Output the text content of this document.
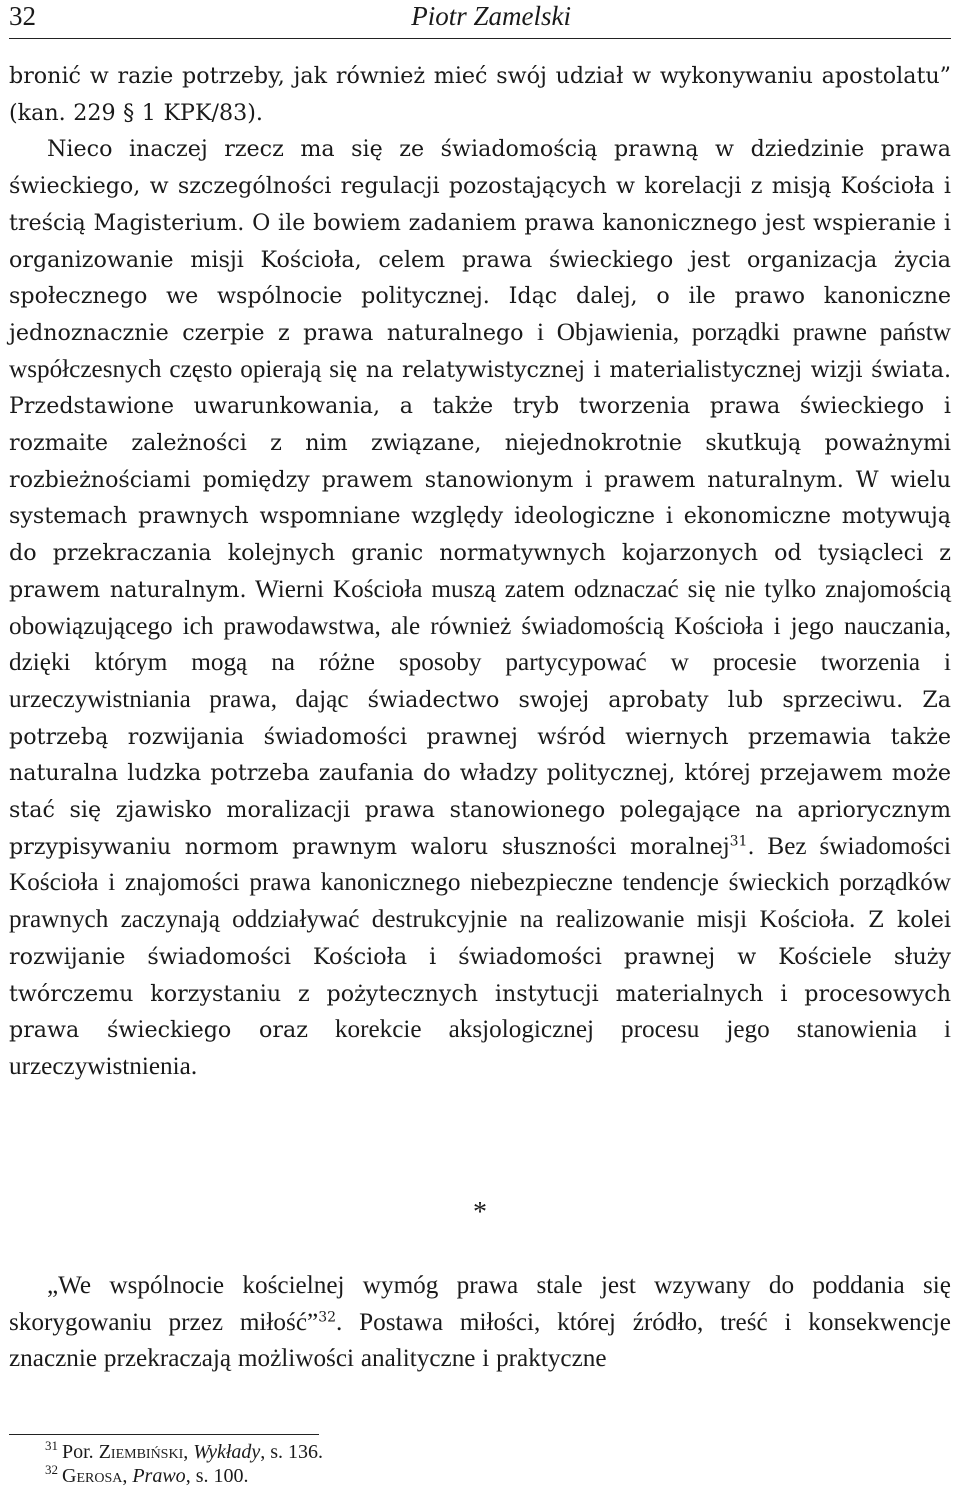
32	Piotr Zamelski

bronić w razie potrzeby, jak również mieć swój udział w wykonywaniu apostolatu” (kan. 229 § 1 KPK/83).

Nieco inaczej rzecz ma się ze świadomością prawną w dziedzinie prawa świeckiego, w szczególności regulacji pozostających w korelacji z misją Kościoła i treścią Magisterium. O ile bowiem zadaniem prawa kanonicznego jest wspieranie i organizowanie misji Kościoła, celem prawa świeckiego jest organizacja życia społecznego we wspólnocie politycznej. Idąc dalej, o ile prawo kanoniczne jednoznacznie czerpie z prawa naturalnego i Objawienia, porządki prawne państw współczesnych często opierają się na relatywistycznej i materialistycznej wizji świata. Przedstawione uwarunkowania, a także tryb tworzenia prawa świeckiego i rozmaite zależności z nim związane, niejednokrotnie skutkują poważnymi rozbieżnościami pomiędzy prawem stanowionym i prawem naturalnym. W wielu systemach prawnych wspomniane względy ideologiczne i ekonomiczne motywują do przekraczania kolejnych granic normatywnych kojarzonych od tysiącleci z prawem naturalnym. Wierni Kościoła muszą zatem odznaczać się nie tylko znajomością obowiązującego ich prawodawstwa, ale również świadomością Kościoła i jego nauczania, dzięki którym mogą na różne sposoby partycypować w procesie tworzenia i urzeczywistniania prawa, dając świadectwo swojej aprobaty lub sprzeciwu. Za potrzebą rozwijania świadomości prawnej wśród wiernych przemawia także naturalna ludzka potrzeba zaufania do władzy politycznej, której przejawem może stać się zjawisko moralizacji prawa stanowionego polegające na apriorycznym przypisywaniu normom prawnym waloru słuszności moralnej$^{31}$. Bez świadomości Kościoła i znajomości prawa kanonicznego niebezpieczne tendencje świeckich porządków prawnych zaczynają oddziaływać destrukcyjnie na realizowanie misji Kościoła. Z kolei rozwijanie świadomości Kościoła i świadomości prawnej w Kościele służy twórczemu korzystaniu z pożytecznych instytucji materialnych i procesowych prawa świeckiego oraz korekcie aksjologicznej procesu jego stanowienia i urzeczywistnienia.

*

„We wspólnocie kościelnej wymóg prawa stale jest wzywany do poddania się skorygowaniu przez miłość”$^{32}$. Postawa miłości, której źródło, treść i konsekwencje znacznie przekraczają możliwości analityczne i praktyczne

$^{31}$ Por. Ziembiński, Wykłady, s. 136.

$^{32}$ Gerosa, Prawo, s. 100.
